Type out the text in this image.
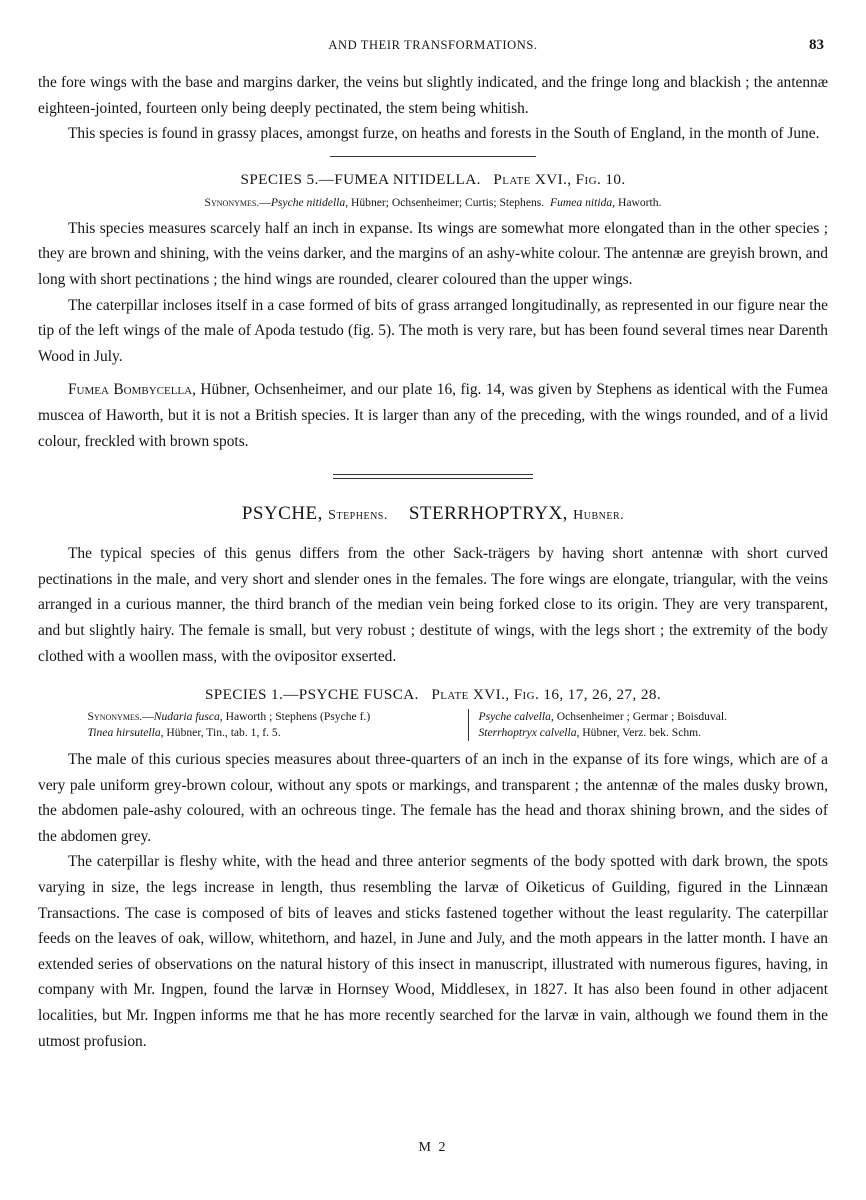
AND THEIR TRANSFORMATIONS.	83

the fore wings with the base and margins darker, the veins but slightly indicated, and the fringe long and blackish ; the antennæ eighteen-jointed, fourteen only being deeply pectinated, the stem being whitish.

This species is found in grassy places, amongst furze, on heaths and forests in the South of England, in the month of June.

SPECIES 5.—FUMEA NITIDELLA. Plate XVI., Fig. 10.
Synonymes.—Psyche nitidella, Hübner; Ochsenheimer; Curtis; Stephens. Fumea nitida, Haworth.

This species measures scarcely half an inch in expanse. Its wings are somewhat more elongated than in the other species ; they are brown and shining, with the veins darker, and the margins of an ashy-white colour. The antennæ are greyish brown, and long with short pectinations ; the hind wings are rounded, clearer coloured than the upper wings.

The caterpillar incloses itself in a case formed of bits of grass arranged longitudinally, as represented in our figure near the tip of the left wings of the male of Apoda testudo (fig. 5). The moth is very rare, but has been found several times near Darenth Wood in July.

Fumea Bombycella, Hübner, Ochsenheimer, and our plate 16, fig. 14, was given by Stephens as identical with the Fumea muscea of Haworth, but it is not a British species. It is larger than any of the preceding, with the wings rounded, and of a livid colour, freckled with brown spots.

PSYCHE, Stephens. STERRHOPTRYX, Hubner.

The typical species of this genus differs from the other Sack-trägers by having short antennæ with short curved pectinations in the male, and very short and slender ones in the females. The fore wings are elongate, triangular, with the veins arranged in a curious manner, the third branch of the median vein being forked close to its origin. They are very transparent, and but slightly hairy. The female is small, but very robust ; destitute of wings, with the legs short ; the extremity of the body clothed with a woollen mass, with the ovipositor exserted.

SPECIES 1.—PSYCHE FUSCA. Plate XVI., Fig. 16, 17, 26, 27, 28.
Synonymes.—Nudaria fusca, Haworth ; Stephens (Psyche f.)
Tinea hirsutella, Hübner, Tin., tab. 1, f. 5.
Psyche calvella, Ochsenheimer ; Germar ; Boisduval.
Sterrhoptryx calvella, Hübner, Verz. bek. Schm.

The male of this curious species measures about three-quarters of an inch in the expanse of its fore wings, which are of a very pale uniform grey-brown colour, without any spots or markings, and transparent ; the antennæ of the males dusky brown, the abdomen pale-ashy coloured, with an ochreous tinge. The female has the head and thorax shining brown, and the sides of the abdomen grey.

The caterpillar is fleshy white, with the head and three anterior segments of the body spotted with dark brown, the spots varying in size, the legs increase in length, thus resembling the larvæ of Oiketicus of Guilding, figured in the Linnæan Transactions. The case is composed of bits of leaves and sticks fastened together without the least regularity. The caterpillar feeds on the leaves of oak, willow, whitethorn, and hazel, in June and July, and the moth appears in the latter month. I have an extended series of observations on the natural history of this insect in manuscript, illustrated with numerous figures, having, in company with Mr. Ingpen, found the larvæ in Hornsey Wood, Middlesex, in 1827. It has also been found in other adjacent localities, but Mr. Ingpen informs me that he has more recently searched for the larvæ in vain, although we found them in the utmost profusion.

M 2
